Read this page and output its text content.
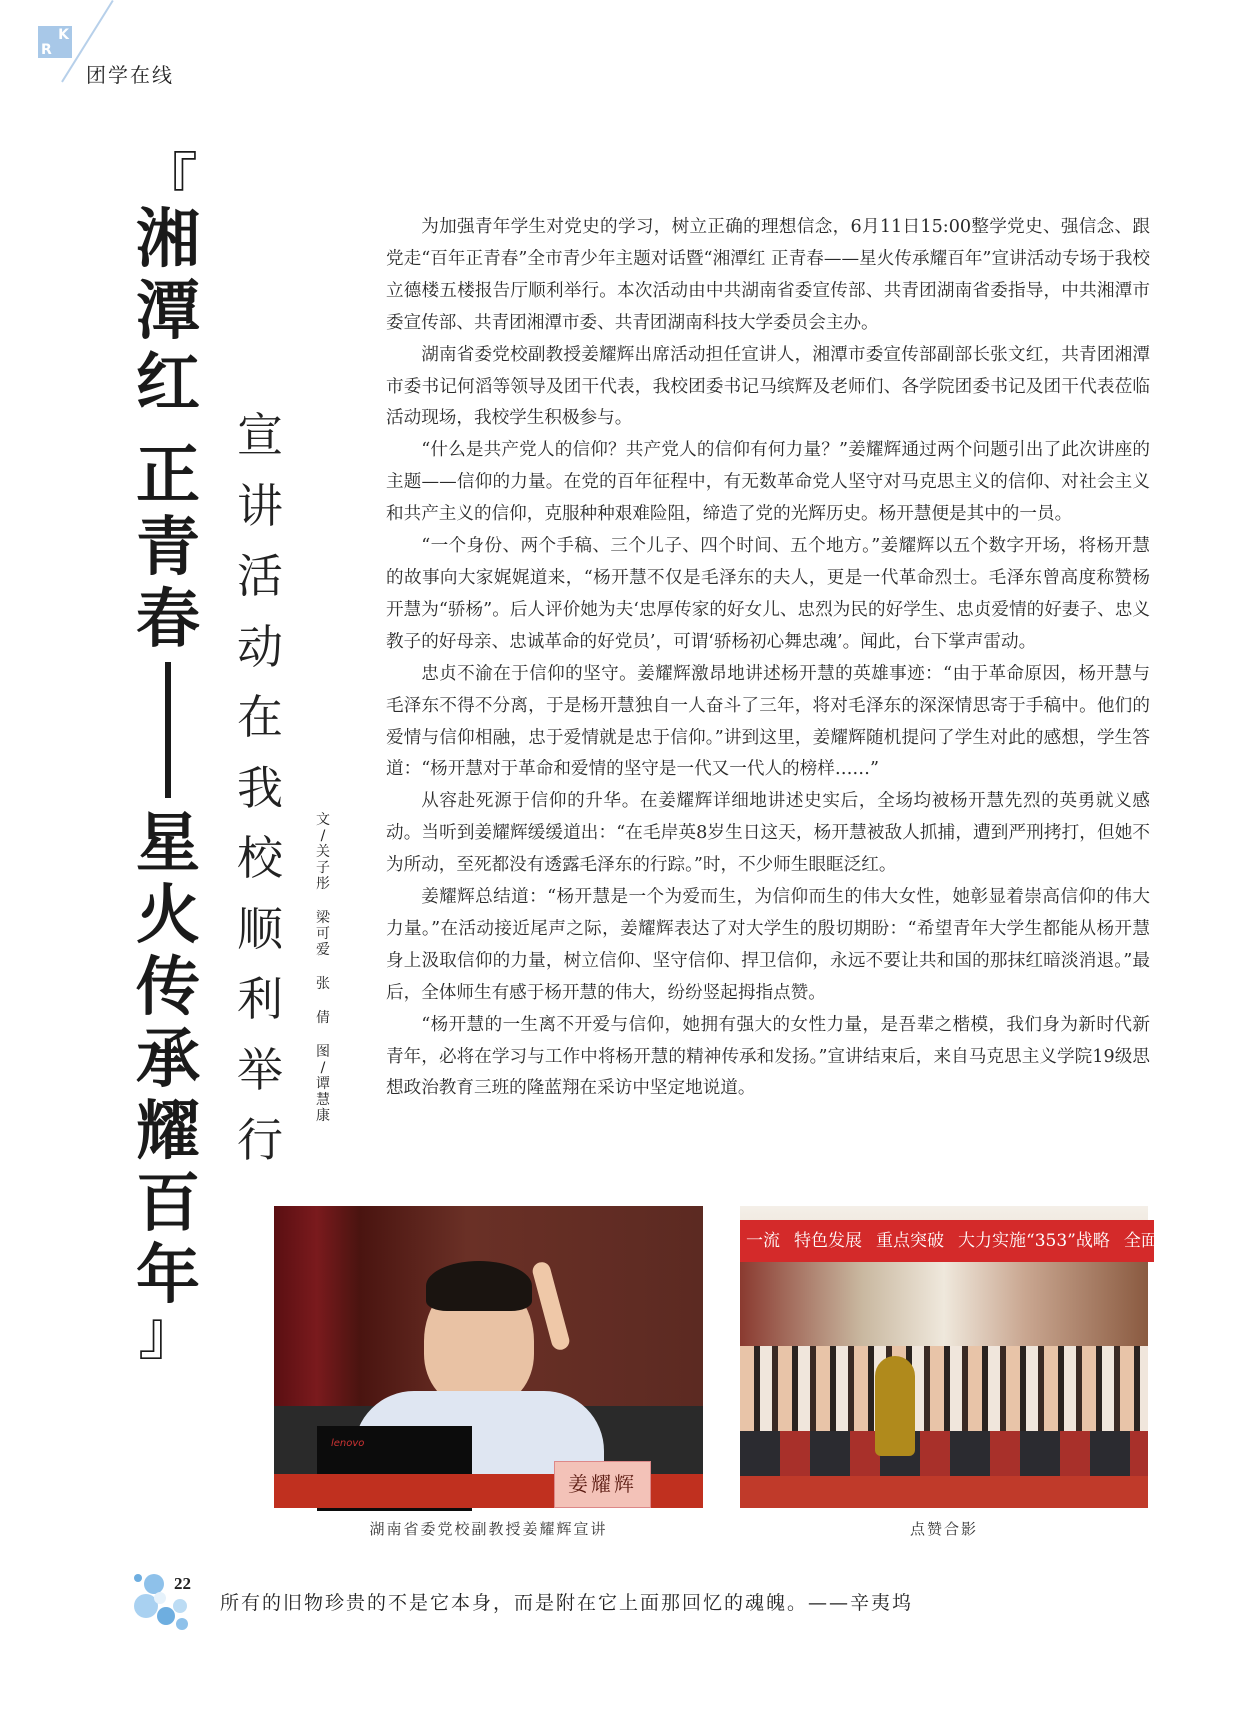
K
R
团学在线
『
湘
潭
红
正
青
春
星
火
传
承
耀
百
年
』
宣
讲
活
动
在
我
校
顺
利
举
行
文
/
关
子
彤
梁
可
爱
张
倩
图
/
谭
慧
康

为加强青年学生对党史的学习，树立正确的理想信念，6月11日15:00整学党史、强信念、跟党走“百年正青春”全市青少年主题对话暨“湘潭红 正青春——星火传承耀百年”宣讲活动专场于我校立德楼五楼报告厅顺利举行。本次活动由中共湖南省委宣传部、共青团湖南省委指导，中共湘潭市委宣传部、共青团湘潭市委、共青团湖南科技大学委员会主办。

湖南省委党校副教授姜耀辉出席活动担任宣讲人，湘潭市委宣传部副部长张文红，共青团湘潭市委书记何滔等领导及团干代表，我校团委书记马缤辉及老师们、各学院团委书记及团干代表莅临活动现场，我校学生积极参与。

“什么是共产党人的信仰？共产党人的信仰有何力量？”姜耀辉通过两个问题引出了此次讲座的主题——信仰的力量。在党的百年征程中，有无数革命党人坚守对马克思主义的信仰、对社会主义和共产主义的信仰，克服种种艰难险阻，缔造了党的光辉历史。杨开慧便是其中的一员。

“一个身份、两个手稿、三个儿子、四个时间、五个地方。”姜耀辉以五个数字开场，将杨开慧的故事向大家娓娓道来，“杨开慧不仅是毛泽东的夫人，更是一代革命烈士。毛泽东曾高度称赞杨开慧为“骄杨”。后人评价她为夫‘忠厚传家的好女儿、忠烈为民的好学生、忠贞爱情的好妻子、忠义教子的好母亲、忠诚革命的好党员’，可谓‘骄杨初心舞忠魂’。闻此，台下掌声雷动。

忠贞不渝在于信仰的坚守。姜耀辉激昂地讲述杨开慧的英雄事迹：“由于革命原因，杨开慧与毛泽东不得不分离，于是杨开慧独自一人奋斗了三年，将对毛泽东的深深情思寄于手稿中。他们的爱情与信仰相融，忠于爱情就是忠于信仰。”讲到这里，姜耀辉随机提问了学生对此的感想，学生答道：“杨开慧对于革命和爱情的坚守是一代又一代人的榜样……”

从容赴死源于信仰的升华。在姜耀辉详细地讲述史实后，全场均被杨开慧先烈的英勇就义感动。当听到姜耀辉缓缓道出：“在毛岸英8岁生日这天，杨开慧被敌人抓捕，遭到严刑拷打，但她不为所动，至死都没有透露毛泽东的行踪。”时，不少师生眼眶泛红。

姜耀辉总结道：“杨开慧是一个为爱而生，为信仰而生的伟大女性，她彰显着崇高信仰的伟大力量。”在活动接近尾声之际，姜耀辉表达了对大学生的殷切期盼：“希望青年大学生都能从杨开慧身上汲取信仰的力量，树立信仰、坚守信仰、捍卫信仰，永远不要让共和国的那抹红暗淡消退。”最后，全体师生有感于杨开慧的伟大，纷纷竖起拇指点赞。

“杨开慧的一生离不开爱与信仰，她拥有强大的女性力量，是吾辈之楷模，我们身为新时代新青年，必将在学习与工作中将杨开慧的精神传承和发扬。”宣讲结束后，来自马克思主义学院19级思想政治教育三班的隆蓝翔在采访中坚定地说道。

lenovo
姜耀辉
湖南省委党校副教授姜耀辉宣讲
一流 特色发展 重点突破 大力实施“353”战略 全面
点赞合影
22
所有的旧物珍贵的不是它本身，而是附在它上面那回忆的魂魄。——辛夷坞
